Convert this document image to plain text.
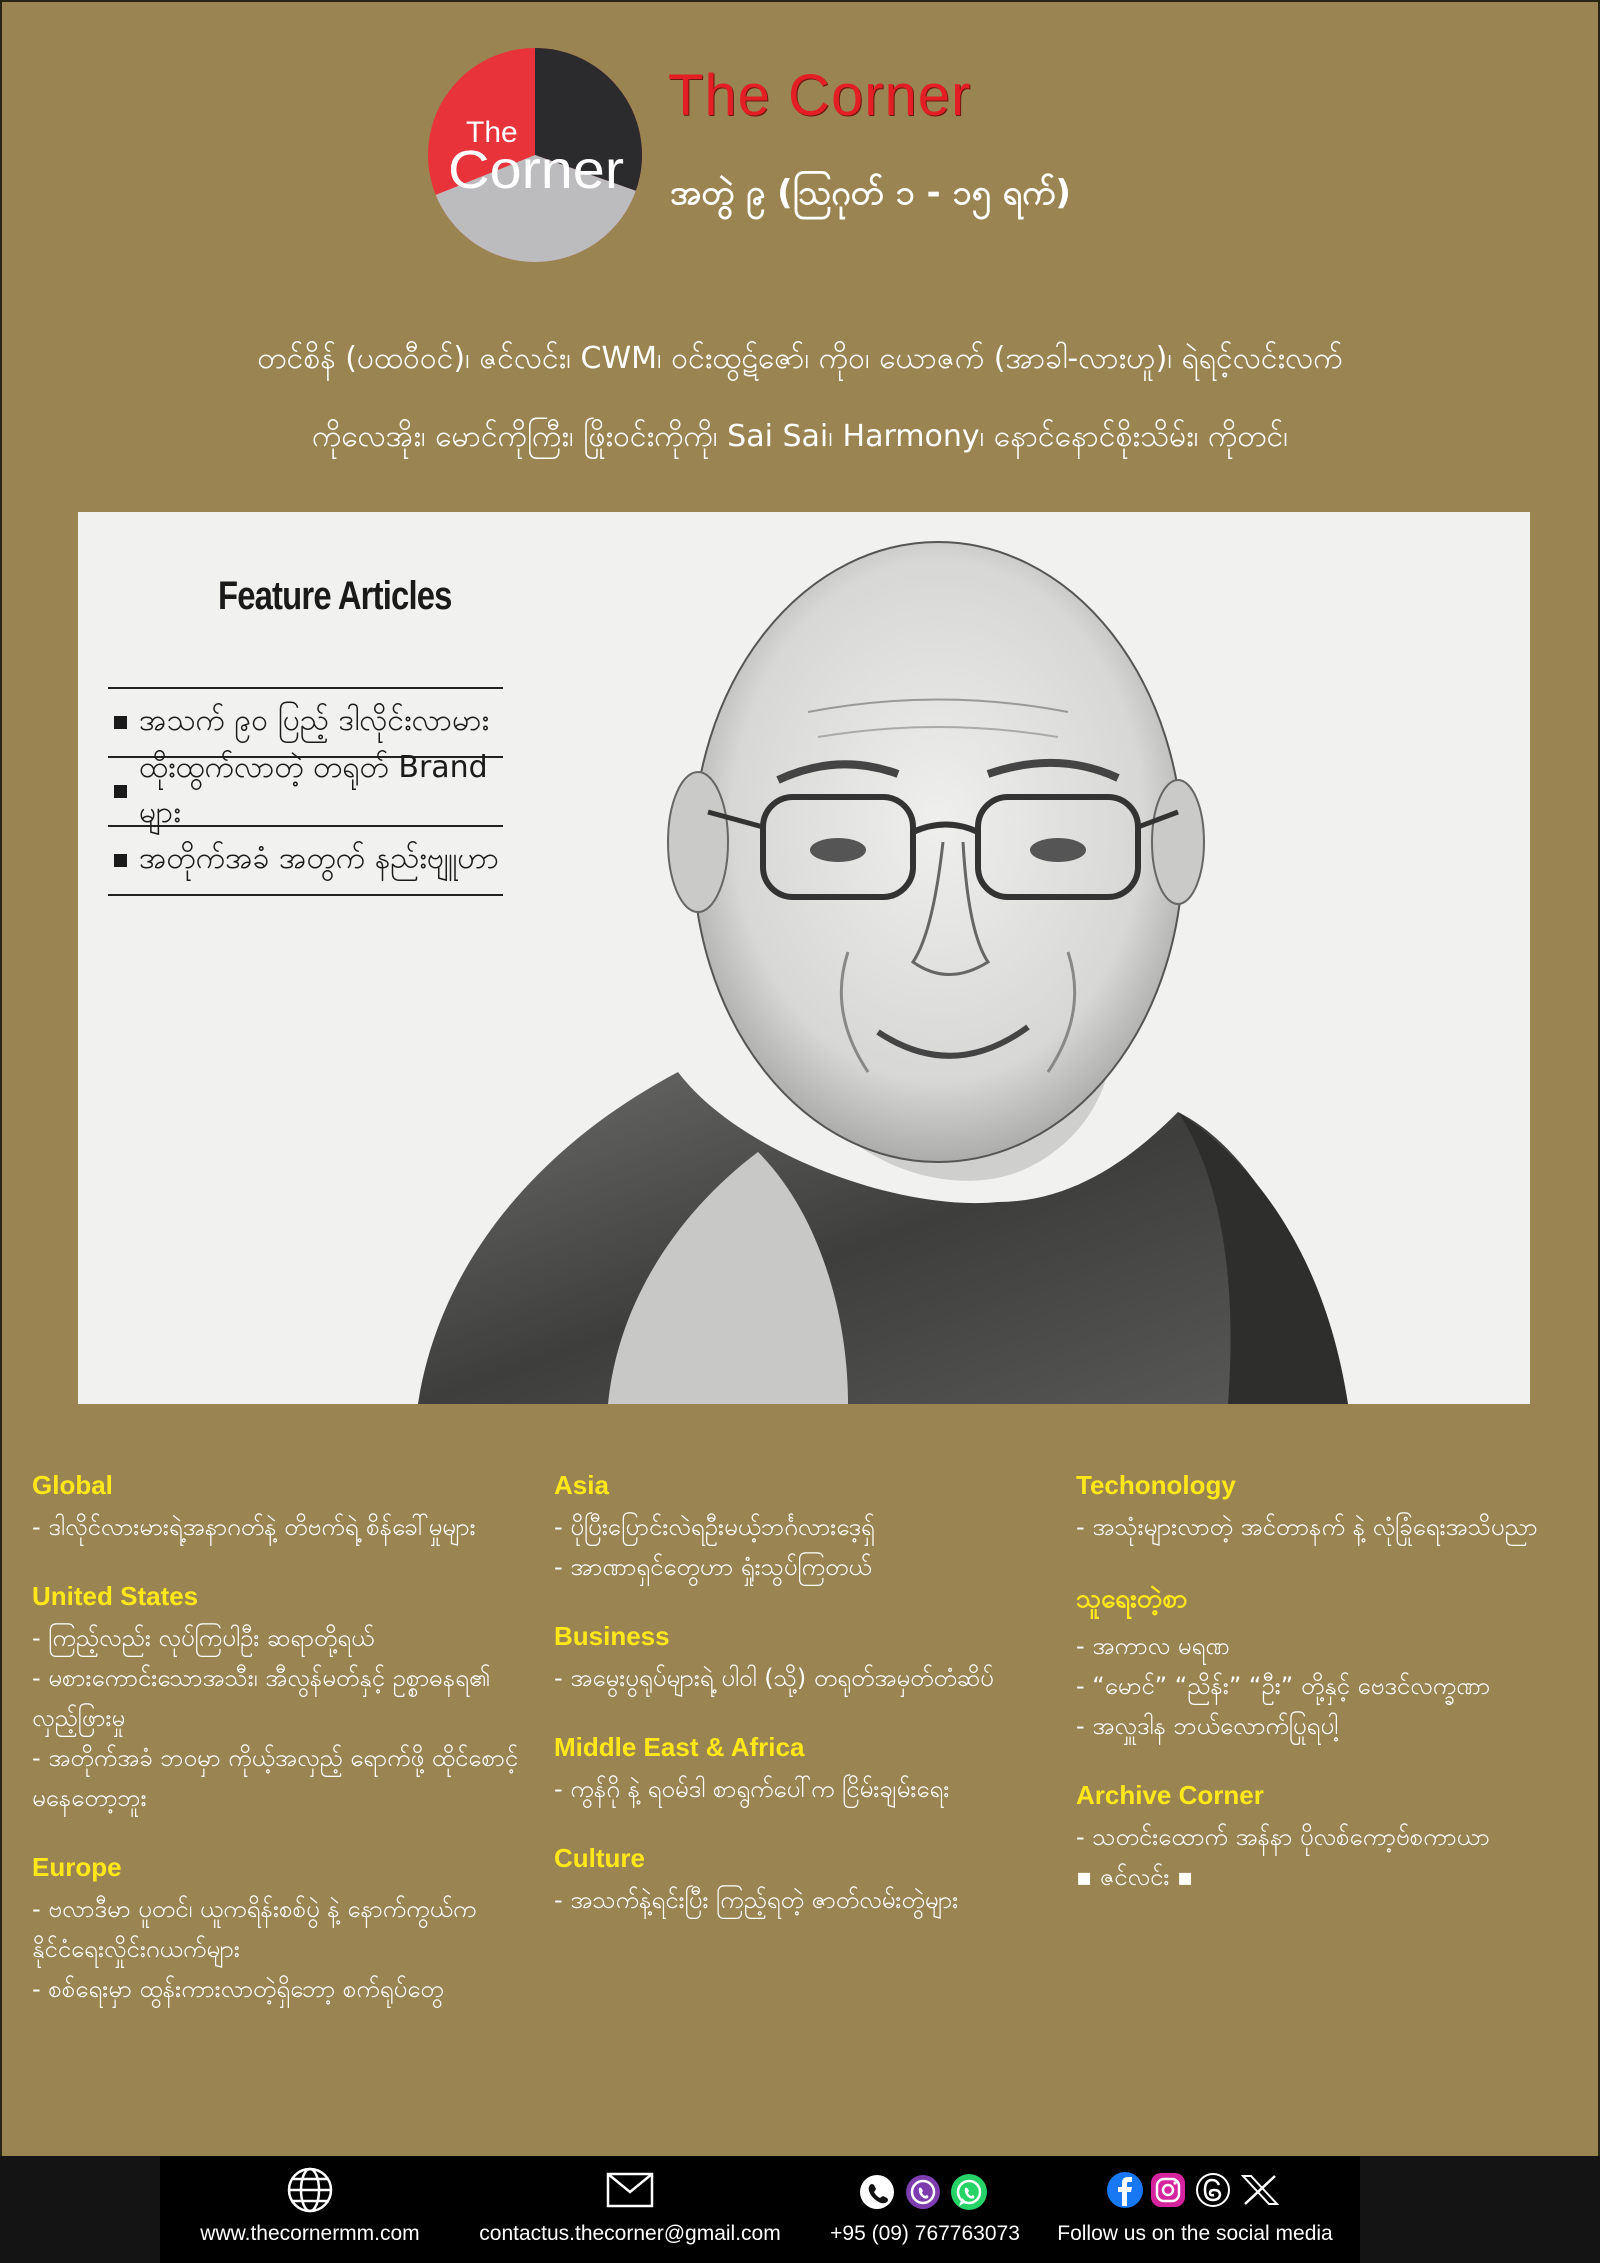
The
Corner
The Corner
အတွဲ ၉ (ဩဂုတ် ၁ - ၁၅ ရက်)
တင်စိန် (ပထဝီဝင်)၊ ဇင်လင်း၊ CWM၊ ဝင်းထွဋ်ဇော်၊ ကိုဝ၊ ယောဇက် (အာခါ-လားဟူ)၊ ရဲရင့်လင်းလက်
ကိုလေအိုး၊ မောင်ကိုကြီး၊ ဖြိုးဝင်းကိုကို၊ Sai Sai၊ Harmony၊ နောင်နောင်စိုးသိမ်း၊ ကိုတင်၊
Feature Articles
အသက် ၉၀ ပြည့် ဒါလိုင်းလာမား
ထိုးထွက်လာတဲ့ တရုတ် Brand များ
အတိုက်အခံ အတွက် နည်းဗျူဟာ
Global
- ဒါလိုင်လားမားရဲ့အနာဂတ်နဲ့ တိဗက်ရဲ့ စိန်ခေါ်မှုများ
United States
- ကြည့်လည်း လုပ်ကြပါဦး ဆရာတို့ရယ်
- မစားကောင်းသောအသီး၊ အီလွန်မတ်နှင့် ဥစ္စာဓနရ၏ လှည့်ဖြားမှု
- အတိုက်အခံ ဘဝမှာ ကိုယ့်အလှည့် ရောက်ဖို့ ထိုင်စောင့် မနေတော့ဘူး
Europe
- ဗလာဒီမာ ပူတင်၊ ယူကရိန်းစစ်ပွဲ နဲ့ နောက်ကွယ်က နိုင်ငံရေးလှိုင်းဂယက်များ
- စစ်ရေးမှာ ထွန်းကားလာတဲ့ရှိဘော့ စက်ရုပ်တွေ
Asia
- ပိုပြီးပြောင်းလဲရဦးမယ့်ဘင်္ဂလားဒေ့ရှ်
- အာဏာရှင်တွေဟာ ရှုံးသွပ်ကြတယ်
Business
- အမွေးပွရုပ်များရဲ့ ပါဝါ (သို့) တရုတ်အမှတ်တံဆိပ်
Middle East & Africa
- ကွန်ဂို နဲ့ ရဝမ်ဒါ စာရွက်ပေါ်က ငြိမ်းချမ်းရေး
Culture
- အသက်နဲ့ရင်းပြီး ကြည့်ရတဲ့ ဇာတ်လမ်းတွဲများ
Techonology
- အသုံးများလာတဲ့ အင်တာနက် နဲ့ လုံခြုံရေးအသိပညာ
သူရေးတဲ့စာ
- အကာလ မရဏ
- “မောင်” “ညိန်း” “ဦး” တို့နှင့် ဗေဒင်လက္ခဏာ
- အလှူဒါန ဘယ်လောက်ပြုရပါ့
Archive Corner
- သတင်းထောက် အန်နာ ပိုလစ်ကော့ဗ်စကာယာ
▪ ဇင်လင်း ▪
www.thecornermm.com	contactus.thecorner@gmail.com	+95 (09) 767763073	Follow us on the social media
